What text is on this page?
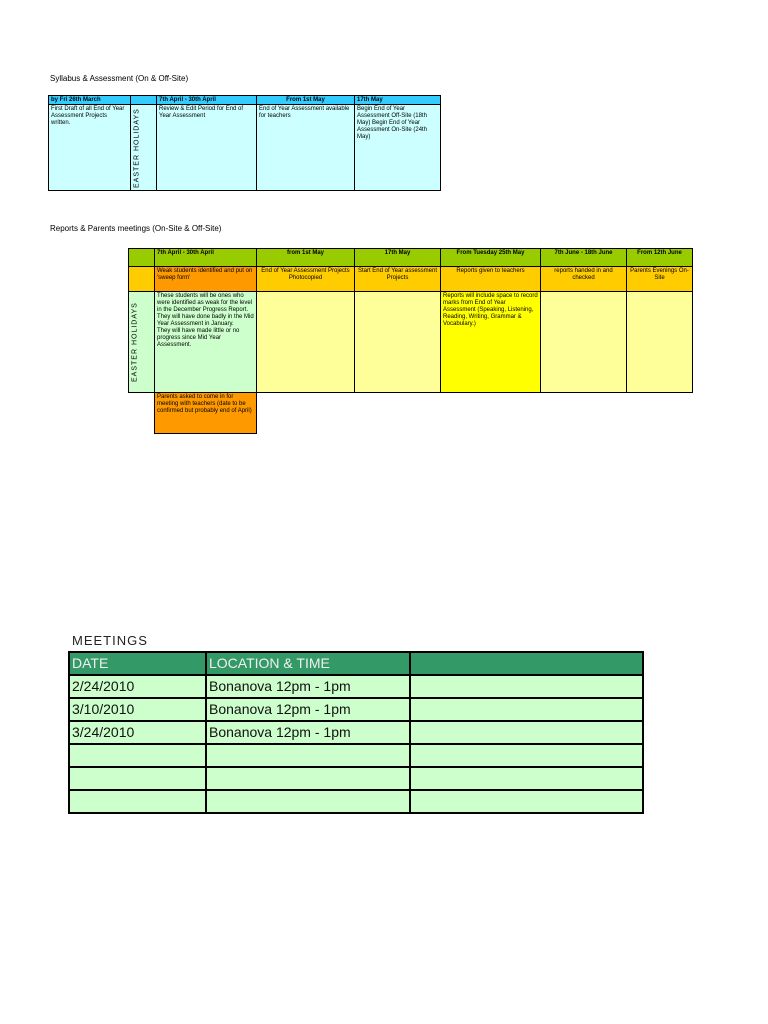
Syllabus & Assessment (On & Off-Site)
by Fri 26th March		7th April - 30th April	From 1st May	17th May
First Draft of all End of Year Assessment Projects written.	EASTER HOLIDAYS	Review & Edit Period for End of Year Assessment	End of Year Assessment available for teachers	Begin End of Year Assessment Off-Site (18th May) Begin End of Year Assessment On-Site (24th May)
Reports & Parents meetings (On-Site & Off-Site)
	7th April - 30th April	from 1st May	17th May	From Tuesday 25th May	7th June - 18th June	From 12th June
	Weak students identified and put on 'sweep form'	End of Year Assessment Projects Photocopied	Start End of Year assessment Projects	Reports given to teachers	reports handed in and checked	Parents Evenings On-Site
EASTER HOLIDAYS	These students will be ones who were identified as weak for the level in the December Progress Report.
They will have done badly in the Mid Year Assessment in January.
They will have made little or no progress since Mid Year Assessment.			Reports will include space to record marks from End of Year Assessment (Speaking, Listening, Reading, Writing, Grammar & Vocabulary.)		
	Parents asked to come in for meeting with teachers (date to be confirmed but probably end of April)					
MEETINGS
DATE	LOCATION & TIME	
2/24/2010	Bonanova 12pm - 1pm	
3/10/2010	Bonanova 12pm - 1pm	
3/24/2010	Bonanova 12pm - 1pm	
